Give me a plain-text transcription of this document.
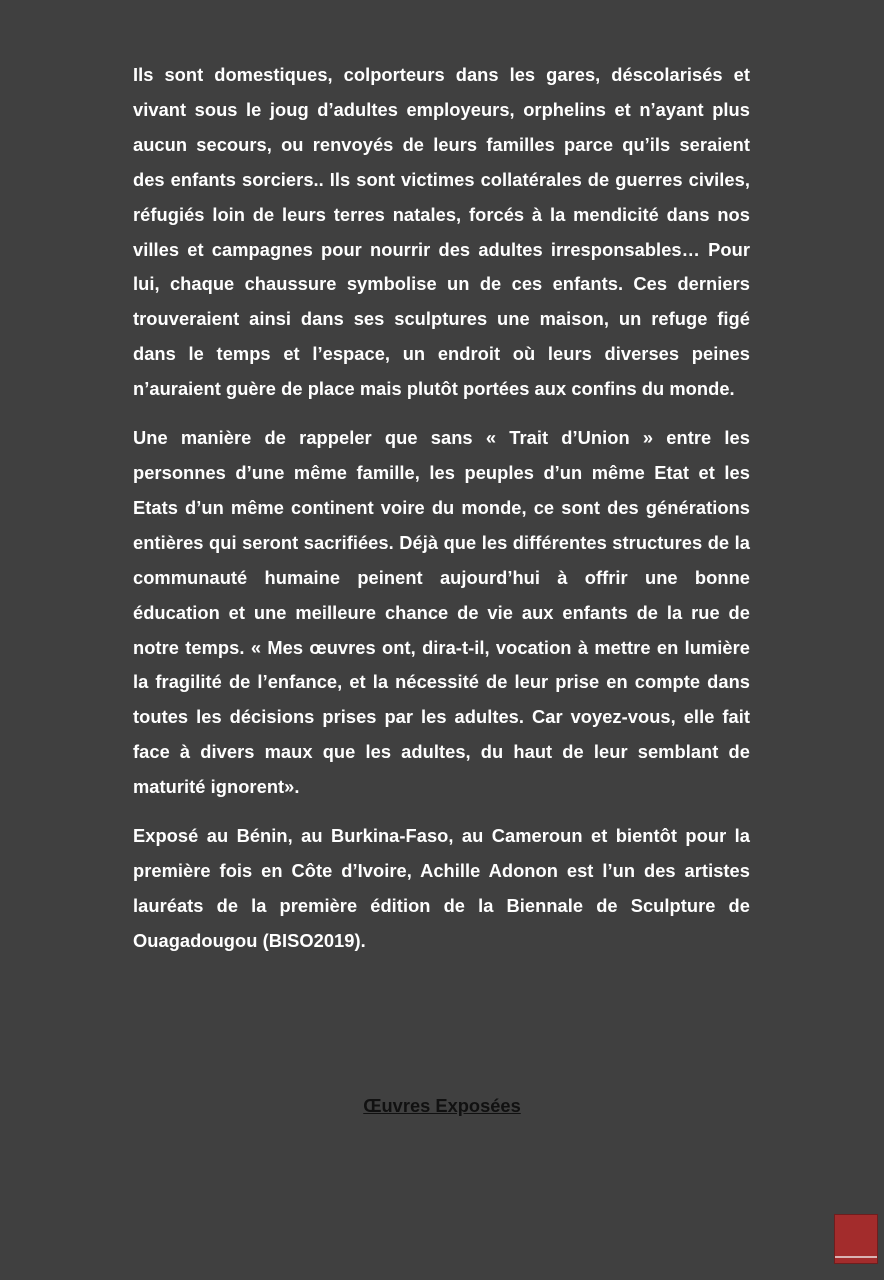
Ils sont domestiques, colporteurs dans les gares, déscolarisés et vivant sous le joug d’adultes employeurs, orphelins et n’ayant plus aucun secours, ou renvoyés de leurs familles parce qu’ils seraient des enfants sorciers.. Ils sont victimes collatérales de guerres civiles, réfugiés loin de leurs terres natales, forcés à la mendicité dans nos villes et campagnes pour nourrir des adultes irresponsables… Pour lui, chaque chaussure symbolise un de ces enfants. Ces derniers trouveraient ainsi dans ses sculptures une maison, un refuge figé dans le temps et l’espace, un endroit où leurs diverses peines n’auraient guère de place mais plutôt portées aux confins du monde.

Une manière de rappeler que sans « Trait d’Union » entre les personnes d’une même famille, les peuples d’un même Etat et les Etats d’un même continent voire du monde, ce sont des générations entières qui seront sacrifiées. Déjà que les différentes structures de la communauté humaine peinent aujourd’hui à offrir une bonne éducation et une meilleure chance de vie aux enfants de la rue de notre temps. « Mes œuvres ont, dira-t-il, vocation à mettre en lumière la fragilité de l’enfance, et la nécessité de leur prise en compte dans toutes les décisions prises par les adultes. Car voyez-vous, elle fait face à divers maux que les adultes, du haut de leur semblant de maturité ignorent».

Exposé au Bénin, au Burkina-Faso, au Cameroun et bientôt pour la première fois en Côte d’Ivoire, Achille Adonon est l’un des artistes lauréats de la première édition de la Biennale de Sculpture de Ouagadougou (BISO2019).

Œuvres Exposées
